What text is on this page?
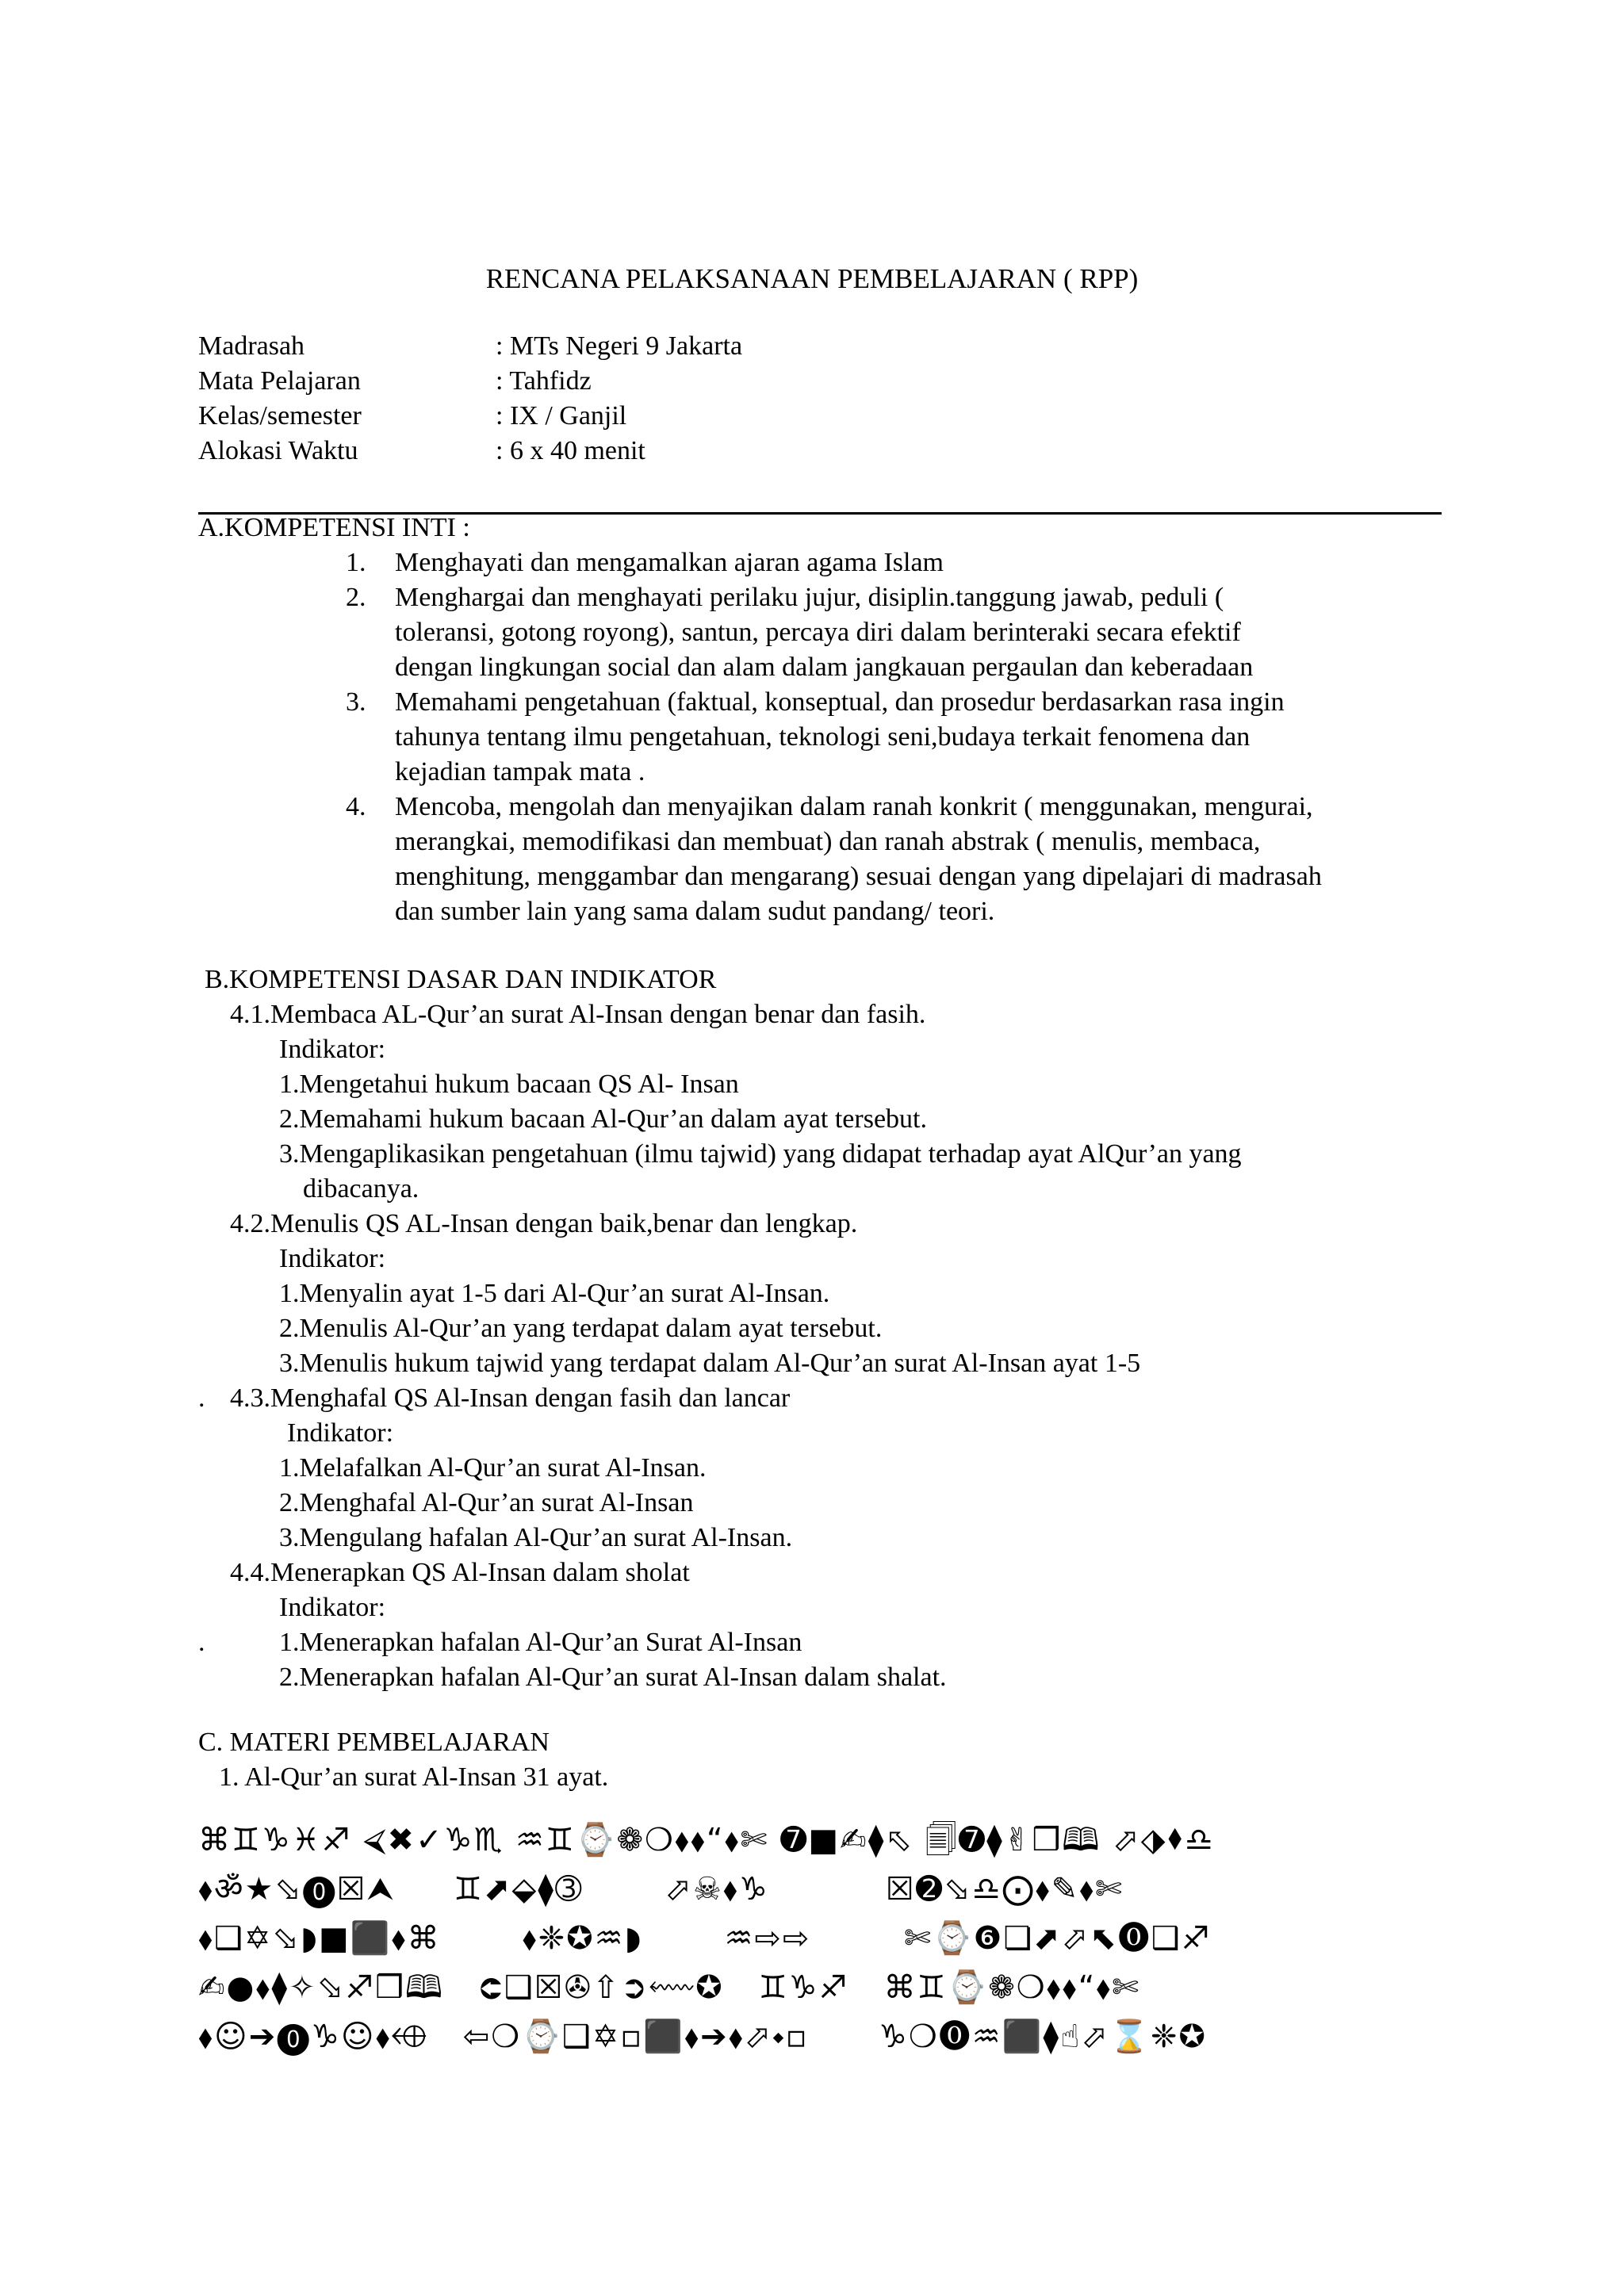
RENCANA PELAKSANAAN PEMBELAJARAN ( RPP)
Madrasah	: MTs Negeri 9 Jakarta
Mata Pelajaran	: Tahfidz
Kelas/semester	: IX / Ganjil
Alokasi Waktu	: 6 x 40 menit
A.KOMPETENSI INTI :
1.	Menghayati dan mengamalkan ajaran agama Islam
2.	Menghargai dan menghayati perilaku jujur, disiplin.tanggung jawab, peduli (
toleransi, gotong royong), santun, percaya diri dalam berinteraki secara efektif
dengan lingkungan social dan alam dalam jangkauan pergaulan dan keberadaan
3.	Memahami pengetahuan (faktual, konseptual, dan prosedur berdasarkan rasa ingin
tahunya tentang ilmu pengetahuan, teknologi seni,budaya terkait fenomena dan
kejadian tampak mata .
4.	Mencoba, mengolah dan menyajikan dalam ranah konkrit ( menggunakan, mengurai,
merangkai, memodifikasi dan membuat) dan ranah abstrak ( menulis, membaca,
menghitung, menggambar dan mengarang) sesuai dengan yang dipelajari di madrasah
dan sumber lain yang sama dalam sudut pandang/ teori.
B.KOMPETENSI DASAR DAN INDIKATOR
4.1.Membaca AL-Qur’an surat Al-Insan dengan benar dan fasih.
Indikator:
1.Mengetahui hukum bacaan QS Al- Insan
2.Memahami hukum bacaan Al-Qur’an dalam ayat tersebut.
3.Mengaplikasikan pengetahuan (ilmu tajwid) yang didapat terhadap ayat AlQur’an yang
dibacanya.
4.2.Menulis QS AL-Insan dengan baik,benar dan lengkap.
Indikator:
1.Menyalin ayat 1-5 dari Al-Qur’an surat Al-Insan.
2.Menulis Al-Qur’an yang terdapat dalam ayat tersebut.
3.Menulis hukum tajwid yang terdapat dalam Al-Qur’an surat Al-Insan ayat 1-5
. 4.3.Menghafal QS Al-Insan dengan fasih dan lancar
Indikator:
1.Melafalkan Al-Qur’an surat Al-Insan.
2.Menghafal Al-Qur’an surat Al-Insan
3.Mengulang hafalan Al-Qur’an surat Al-Insan.
4.4.Menerapkan QS Al-Insan dalam sholat
Indikator:
.	1.Menerapkan hafalan Al-Qur’an Surat Al-Insan
2.Menerapkan hafalan Al-Qur’an surat Al-Insan dalam shalat.
C. MATERI PEMBELAJARAN
1. Al-Qur’an surat Al-Insan 31 ayat.
⌘♊♑♓♐ ⮘✖✓♑♏ ♒♊⌚❁❍⬧⬧“⬧✄ ➐■✍⧫⬁ 🗐➐⧫✌❒🕮 ⬀⬗⬧♎
⬧ॐ★⬂⓿☒⮝     ♊⬈⬙⧫➂       ⬀☠⬧♑          ☒➋⬂♎⨀⬧✎⬧✄
⬧❑✡⬂◗■⬛⬧⌘       ⬧❈✪♒◗       ♒⇨⇨        ✄⌚❻❏⬈⬀⬉⓿❑♐
✍●⬧⧫✧⬂♐❒🕮   ⮈❑☒✇⇧➲⬳✪   ♊♑♐   ⌘♊⌚❁❍⬧⬧“⬧✄
⬧☺➔⓿♑☺⬧⬲   ⇦❍⌚❑✡▫⬛⬧➔⬧⬀⬩▫      ♑❍⓿♒⬛⧫☝⬀⌛❈✪
